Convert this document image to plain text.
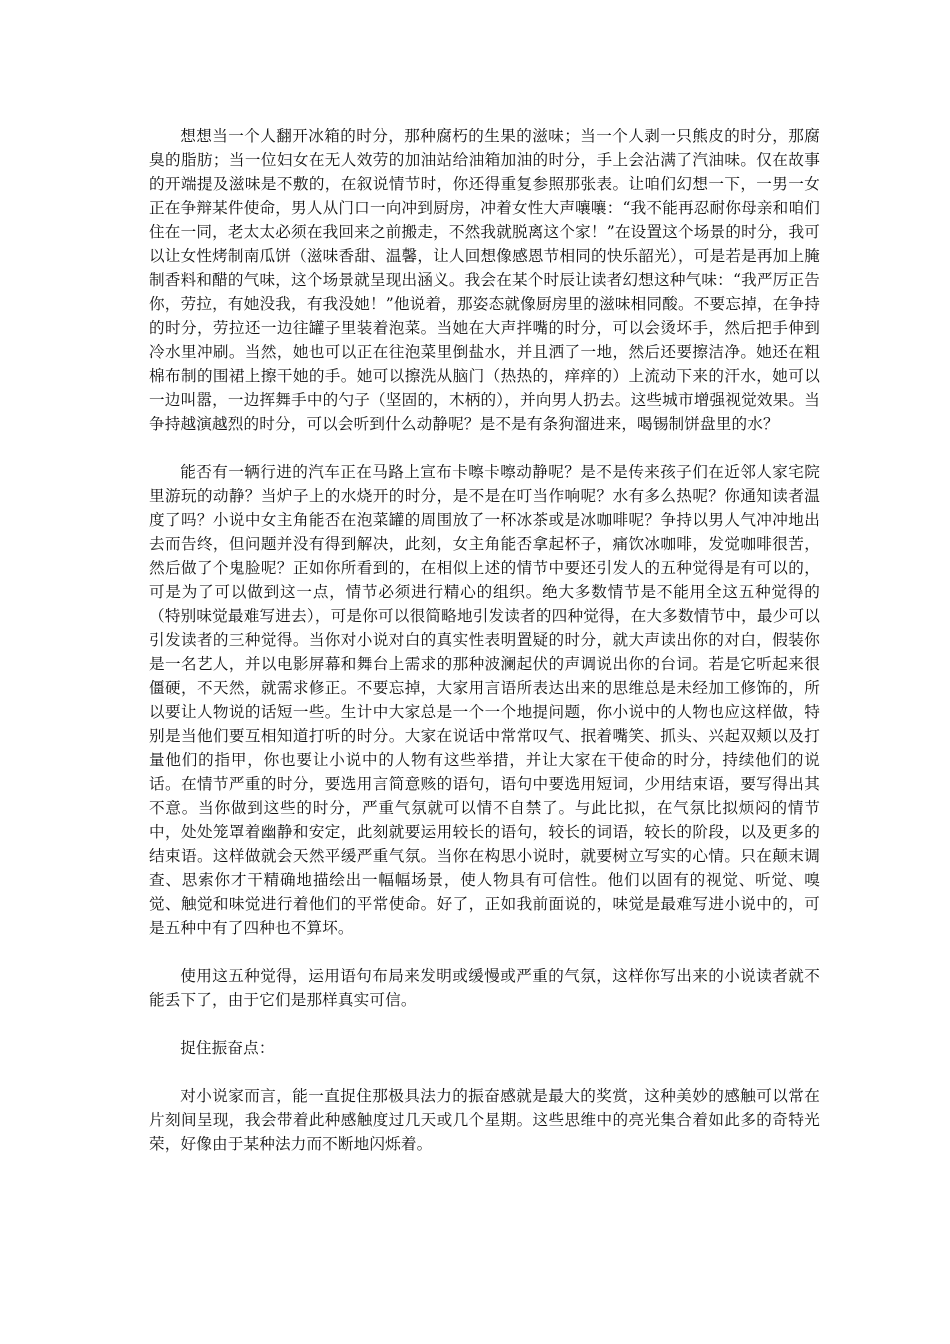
想想当一个人翻开冰箱的时分，那种腐朽的生果的滋味；当一个人剥一只熊皮的时分，那腐臭的脂肪；当一位妇女在无人效劳的加油站给油箱加油的时分，手上会沾满了汽油味。仅在故事的开端提及滋味是不敷的，在叙说情节时，你还得重复参照那张表。让咱们幻想一下，一男一女正在争辩某件使命，男人从门口一向冲到厨房，冲着女性大声嚷嚷：“我不能再忍耐你母亲和咱们住在一同，老太太必须在我回来之前搬走，不然我就脱离这个家！”在设置这个场景的时分，我可以让女性烤制南瓜饼（滋味香甜、温馨，让人回想像感恩节相同的快乐韶光），可是若是再加上腌制香料和醋的气味，这个场景就呈现出涵义。我会在某个时辰让读者幻想这种气味：“我严厉正告你，劳拉，有她没我，有我没她！”他说着，那姿态就像厨房里的滋味相同酸。不要忘掉，在争持的时分，劳拉还一边往罐子里装着泡菜。当她在大声拌嘴的时分，可以会烫坏手，然后把手伸到冷水里冲刷。当然，她也可以正在往泡菜里倒盐水，并且洒了一地，然后还要擦洁净。她还在粗棉布制的围裙上擦干她的手。她可以擦洗从脑门（热热的，痒痒的）上流动下来的汗水，她可以一边叫嚣，一边挥舞手中的勺子（坚固的，木柄的），并向男人扔去。这些城市增强视觉效果。当争持越演越烈的时分，可以会听到什么动静呢？是不是有条狗溜进来，喝锡制饼盘里的水？

能否有一辆行进的汽车正在马路上宣布卡嚓卡嚓动静呢？是不是传来孩子们在近邻人家宅院里游玩的动静？当炉子上的水烧开的时分，是不是在叮当作响呢？水有多么热呢？你通知读者温度了吗？小说中女主角能否在泡菜罐的周围放了一杯冰茶或是冰咖啡呢？争持以男人气冲冲地出去而告终，但问题并没有得到解决，此刻，女主角能否拿起杯子，痛饮冰咖啡，发觉咖啡很苦，然后做了个鬼脸呢？正如你所看到的，在相似上述的情节中要还引发人的五种觉得是有可以的，可是为了可以做到这一点，情节必须进行精心的组织。绝大多数情节是不能用全这五种觉得的（特别味觉最难写进去），可是你可以很简略地引发读者的四种觉得，在大多数情节中，最少可以引发读者的三种觉得。当你对小说对白的真实性表明置疑的时分，就大声读出你的对白，假装你是一名艺人，并以电影屏幕和舞台上需求的那种波澜起伏的声调说出你的台词。若是它听起来很僵硬，不天然，就需求修正。不要忘掉，大家用言语所表达出来的思维总是未经加工修饰的，所以要让人物说的话短一些。生计中大家总是一个一个地提问题，你小说中的人物也应这样做，特别是当他们要互相知道打听的时分。大家在说话中常常叹气、抿着嘴笑、抓头、兴起双颊以及打量他们的指甲，你也要让小说中的人物有这些举措，并让大家在干使命的时分，持续他们的说话。在情节严重的时分，要选用言简意赅的语句，语句中要选用短词，少用结束语，要写得出其不意。当你做到这些的时分，严重气氛就可以情不自禁了。与此比拟，在气氛比拟烦闷的情节中，处处笼罩着幽静和安定，此刻就要运用较长的语句，较长的词语，较长的阶段，以及更多的结束语。这样做就会天然平缓严重气氛。当你在构思小说时，就要树立写实的心情。只在颠末调查、思索你才干精确地描绘出一幅幅场景，使人物具有可信性。他们以固有的视觉、听觉、嗅觉、触觉和味觉进行着他们的平常使命。好了，正如我前面说的，味觉是最难写进小说中的，可是五种中有了四种也不算坏。

使用这五种觉得，运用语句布局来发明或缓慢或严重的气氛，这样你写出来的小说读者就不能丢下了，由于它们是那样真实可信。

捉住振奋点：

对小说家而言，能一直捉住那极具法力的振奋感就是最大的奖赏，这种美妙的感触可以常在片刻间呈现，我会带着此种感触度过几天或几个星期。这些思维中的亮光集合着如此多的奇特光荣，好像由于某种法力而不断地闪烁着。
